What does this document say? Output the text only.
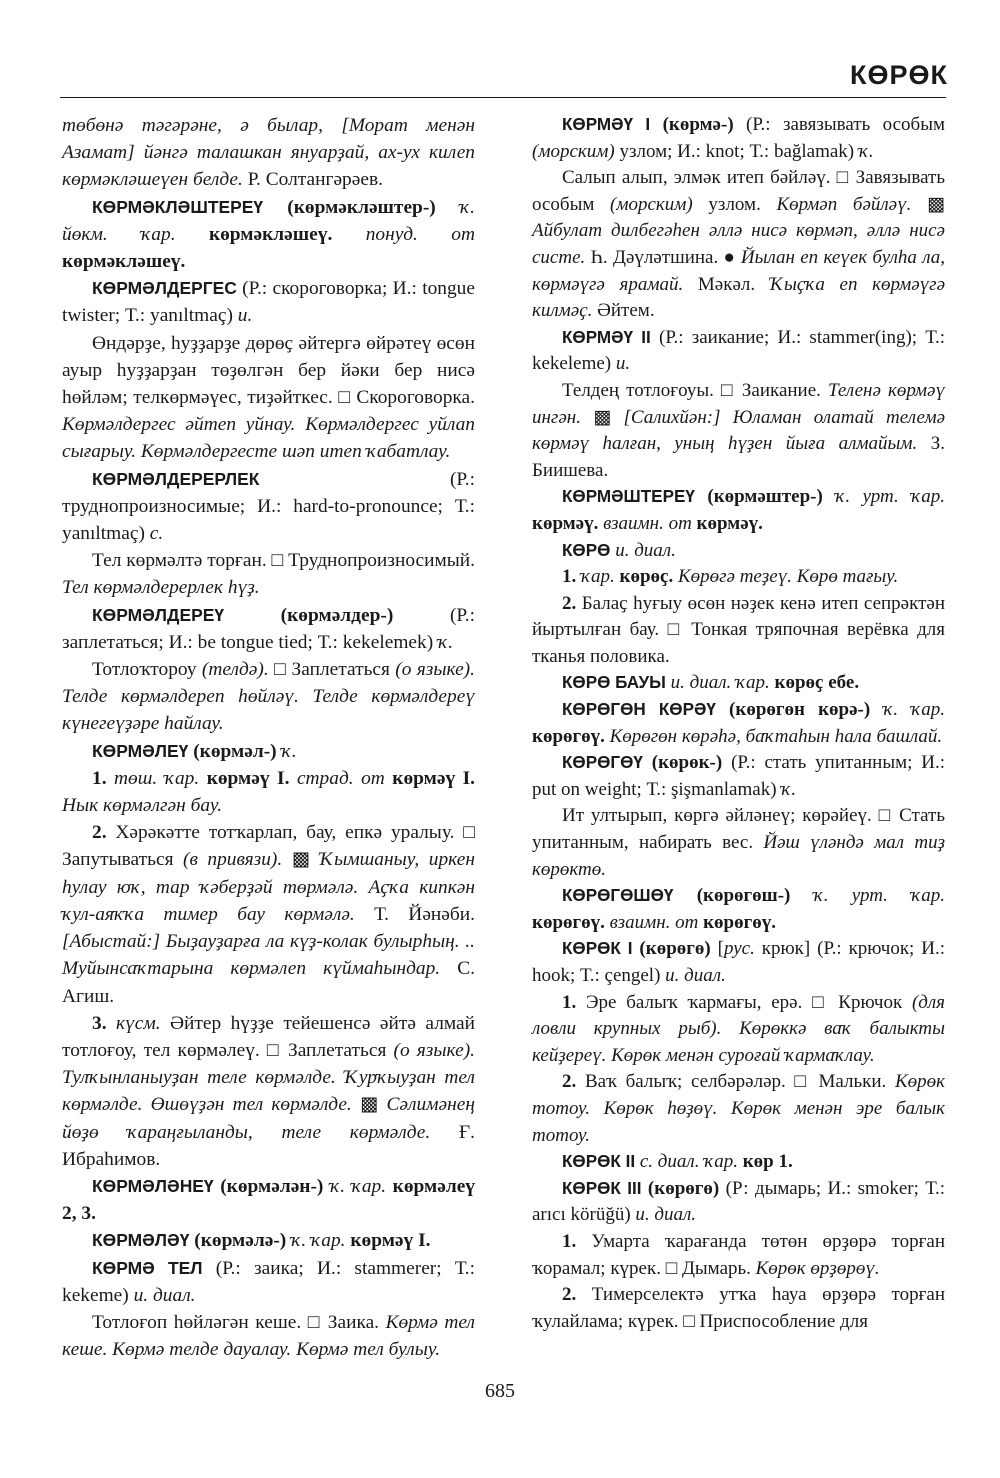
КӨРӨК

төбөнә тәгәрәне, ә былар, [Морат менән Азамат] йәнгә талашкан януарҙай, ах-ух килеп көрмәкләшеүен белде. Р. Солтангәрәев.

КӨРМӘКЛӘШТЕРЕҮ (көрмәкләштер-) ҡ. йөкм. ҡар. көрмәкләшеү. понуд. от көрмәкләшеү.

КӨРМӘЛДЕРГЕС (Р.: скороговорка; И.: tongue twister; Т.: yanıltmaç) и.

Өндәрҙе, һуҙҙарҙе дөрөҫ әйтергә өйрәтеү өсөн ауыр һуҙҙарҙан төҙөлгән бер йәки бер нисә һөйләм; телкөрмәүес, тиҙәйткес. □ Скороговорка. Көрмәлдергес әйтеп уйнау. Көрмәлдергес уйлап сығарыу. Көрмәлдергесте шәп итеп ҡабатлау.

КӨРМӘЛДЕРЕРЛЕК (Р.: труднопроизносимые; И.: hard-to-pronounce; Т.: yanıltmaç) с.

Тел көрмәлтә торған. □ Труднопроизносимый. Тел көрмәлдерерлек һүҙ.

КӨРМӘЛДЕРЕҮ (көрмәлдер-) (Р.: заплетаться; И.: be tongue tied; Т.: kekelemek) ҡ.

Тотлоҡтороу (телдә). □ Заплетаться (о языке). Телде көрмәлдереп һөйләү. Телде көрмәлдереү күнегеүҙәре һайлау.

КӨРМӘЛЕҮ (көрмәл-) ҡ.

1. төш. ҡар. көрмәү I. страд. от көрмәү I. Нык көрмәлгән бау.

2. Хәрәкәтте тотҡарлап, бау, епкә уралыу. □ Запутываться (в привязи). ▩ Ҡымшаныу, иркен һулау юҡ, тар ҡәберҙәй төрмәлә. Аҫҡа кипкән ҡул-аяҡҡа тимер бау көрмәлә. Т. Йәнәби. [Абыстай:] Быҙауҙарға ла күҙ-колак булырһың. .. Муйынсаҡтарына көрмәлеп күймаһындар. С. Агиш.

3. күсм. Әйтер һүҙҙе тейешенсә әйтә алмай тотлоғоу, тел көрмәлеү. □ Заплетаться (о языке). Тулҡынланыуҙан теле көрмәлде. Ҡурҡыуҙан тел көрмәлде. Өшөүҙән тел көрмәлде. ▩ Сәлимәнең йөҙө ҡараңғыланды, теле көрмәлде. Ғ. Ибраһимов.

КӨРМӘЛӘНЕҮ (көрмәлән-) ҡ. ҡар. көрмәлеү 2, 3.

КӨРМӘЛӘҮ (көрмәлә-) ҡ. ҡар. көрмәү I.

КӨРМӘ ТЕЛ (Р.: заика; И.: stammerer; Т.: kekeme) и. диал.

Тотлоғоп һөйләгән кеше. □ Заика. Көрмә тел кеше. Көрмә телде дауалау. Көрмә тел булыу.

КӨРМӘҮ I (көрмә-) (Р.: завязывать особым (морским) узлом; И.: knot; Т.: bağlamak) ҡ.

Салып алып, элмәк итеп бәйләү. □ Завязывать особым (морским) узлом. Көрмәп бәйләү. ▩ Айбулат дилбегәһен әллә нисә көрмәп, әллә нисә систе. Һ. Дәүләтшина. ● Йылан еп кеүек булһа ла, көрмәүгә ярамай. Мәкәл. Ҡыҫҡа еп көрмәүгә килмәҫ. Әйтем.

КӨРМӘҮ II (Р.: заикание; И.: stammer(ing); Т.: kekeleme) и.

Телдең тотлоғоуы. □ Заикание. Теленә көрмәү ингән. ▩ [Салихйән:] Юламан олатай телемә көрмәү һалған, уның һүҙен йыға алмайым. З. Биишева.

КӨРМӘШТЕРЕҮ (көрмәштер-) ҡ. урт. ҡар. көрмәү. взаимн. от көрмәү.

КӨРӨ и. диал.

1. ҡар. көрөҫ. Көрөгә теҙеү. Көрө тағыу.

2. Балаҫ һуғыу өсөн нәҙек кенә итеп сепрәктән йыртылған бау. □ Тонкая тряпочная верёвка для тканья половика.

КӨРӨ БАУЫ и. диал. ҡар. көрөҫ ебе.

КӨРӨГӨН КӨРӘҮ (көрөгөн көрә-) ҡ. ҡар. көрөгөү. Көрөгөн көрәһә, баҡтаһын һала башлай.

КӨРӨГӨҮ (көрөк-) (Р.: стать упитанным; И.: put on weight; Т.: şişmanlamak) ҡ.

Ит ултырып, көргә әйләнеү; көрәйеү. □ Стать упитанным, набирать вес. Йәш үләндә мал тиҙ көрөктө.

КӨРӨГӨШӨҮ (көрөгөш-) ҡ. урт. ҡар. көрөгөү. взаимн. от көрөгөү.

КӨРӨК I (көрөгө) [рус. крюк] (Р.: крючок; И.: hook; Т.: çengel) и. диал.

1. Эре балыҡ ҡармағы, ерә. □ Крючок (для ловли крупных рыб). Көрөккә ваҡ балыкты кейҙереү. Көрөк менән суроғай ҡармаҡлау.

2. Ваҡ балыҡ; селбәрәләр. □ Мальки. Көрөк тотоу. Көрөк һөҙөү. Көрөк менән эре балык тотоу.

КӨРӨК II с. диал. ҡар. көр 1.

КӨРӨК III (көрөгө) (Р: дымарь; И.: smoker; Т.: arıcı körüğü) и. диал.

1. Умарта ҡарағанда төтөн өрҙөрә торған ҡорамал; күрек. □ Дымарь. Көрөк өрҙөрөү.

2. Тимерселектә утҡа һауа өрҙөрә торған ҡулайлама; күрек. □ Приспособление для

685
